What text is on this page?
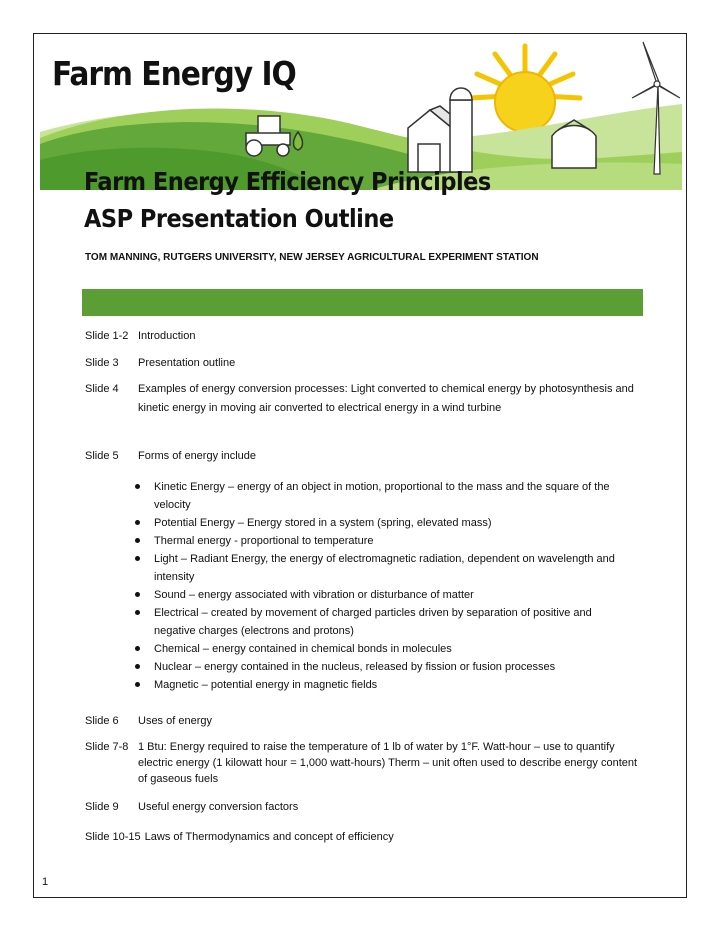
Farm Energy IQ
Farm Energy Efficiency Principles
ASP Presentation Outline
TOM MANNING, RUTGERS UNIVERSITY, NEW JERSEY AGRICULTURAL EXPERIMENT STATION
Slide 1-2 Introduction
Slide 3	Presentation outline
Slide 4	Examples of energy conversion processes: Light converted to chemical energy by photosynthesis and kinetic energy in moving air converted to electrical energy in a wind turbine
Slide 5	Forms of energy include
Kinetic Energy – energy of an object in motion, proportional to the mass and the square of the velocity
Potential Energy – Energy stored in a system (spring, elevated mass)
Thermal energy - proportional to temperature
Light – Radiant Energy, the energy of electromagnetic radiation, dependent on wavelength and intensity
Sound – energy associated with vibration or disturbance of matter
Electrical – created by movement of charged particles driven by separation of positive and negative charges (electrons and protons)
Chemical – energy contained in chemical bonds in molecules
Nuclear – energy contained in the nucleus, released by fission or fusion processes
Magnetic – potential energy in magnetic fields
Slide 6	Uses of energy
Slide 7-8 1 Btu: Energy required to raise the temperature of 1 lb of water by 1°F. Watt-hour – use to quantify electric energy (1 kilowatt hour = 1,000 watt-hours) Therm – unit often used to describe energy content of gaseous fuels
Slide 9	Useful energy conversion factors
Slide 10-15 Laws of Thermodynamics and concept of efficiency
1
